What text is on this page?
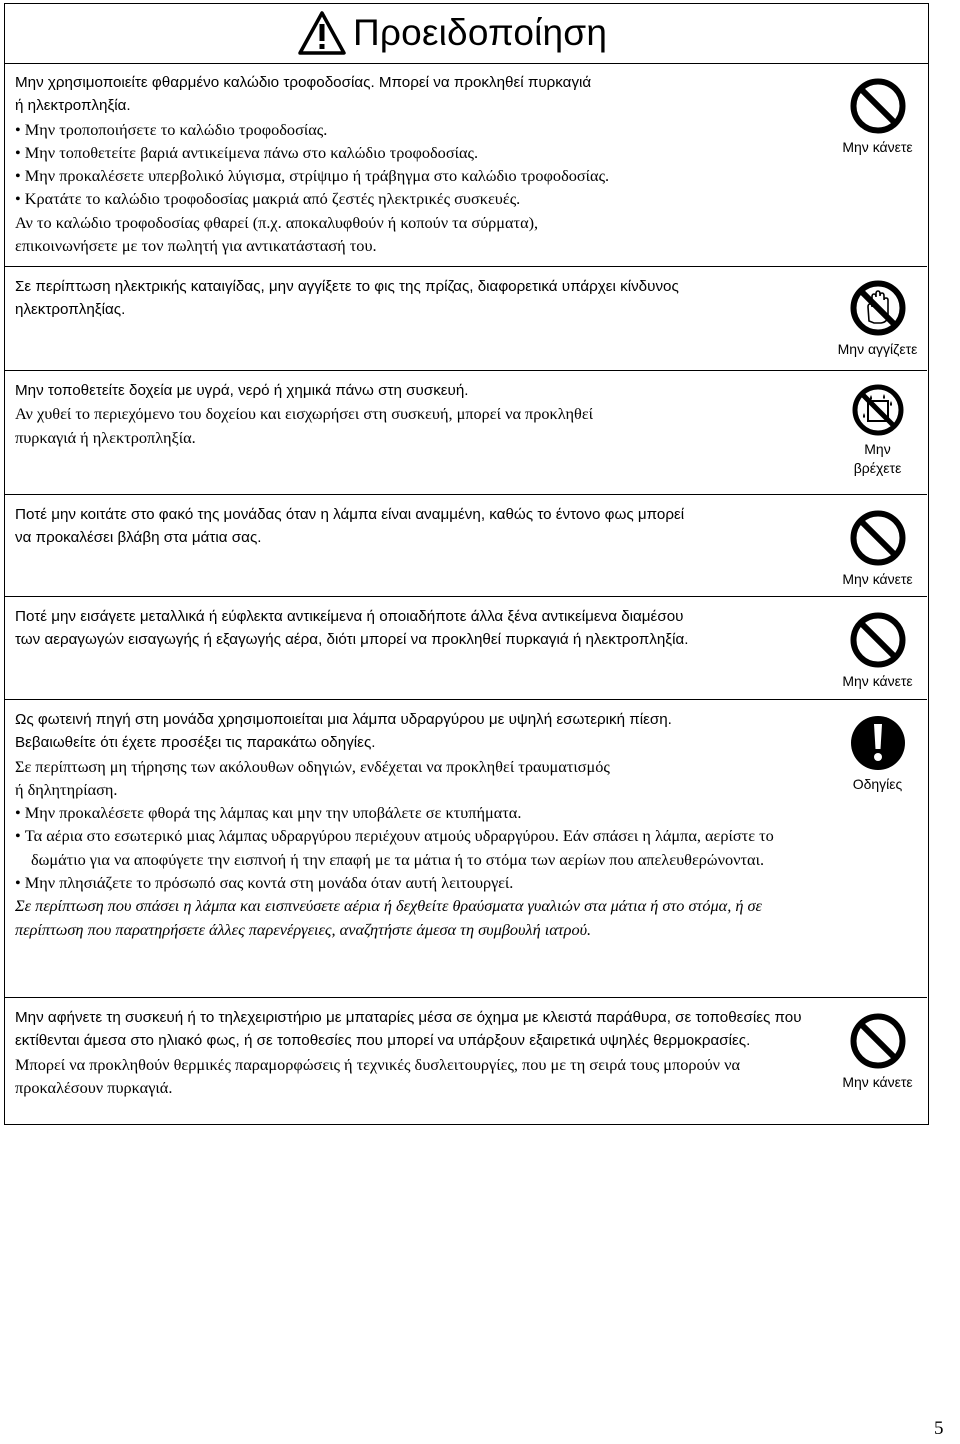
Προειδοποίηση

Μην χρησιμοποιείτε φθαρμένο καλώδιο τροφοδοσίας. Μπορεί να προκληθεί πυρκαγιά

ή ηλεκτροπληξία.

• Μην τροποποιήσετε το καλώδιο τροφοδοσίας.

• Μην τοποθετείτε βαριά αντικείμενα πάνω στο καλώδιο τροφοδοσίας.

• Μην προκαλέσετε υπερβολικό λύγισμα, στρίψιμο ή τράβηγμα στο καλώδιο τροφοδοσίας.

• Κρατάτε το καλώδιο τροφοδοσίας μακριά από ζεστές ηλεκτρικές συσκευές.

Αν το καλώδιο τροφοδοσίας φθαρεί (π.χ. αποκαλυφθούν ή κοπούν τα σύρματα),

επικοινωνήσετε με τον πωλητή για αντικατάστασή του.

Μην κάνετε

Σε περίπτωση ηλεκτρικής καταιγίδας, μην αγγίξετε το φις της πρίζας, διαφορετικά υπάρχει κίνδυνος

ηλεκτροπληξίας.

Μην αγγίζετε

Μην τοποθετείτε δοχεία με υγρά, νερό ή χημικά πάνω στη συσκευή.

Αν χυθεί το περιεχόμενο του δοχείου και εισχωρήσει στη συσκευή, μπορεί να προκληθεί

πυρκαγιά ή ηλεκτροπληξία.

Μην
βρέχετε

Ποτέ μην κοιτάτε στο φακό της μονάδας όταν η λάμπα είναι αναμμένη, καθώς το έντονο φως μπορεί

να προκαλέσει βλάβη στα μάτια σας.

Μην κάνετε

Ποτέ μην εισάγετε μεταλλικά ή εύφλεκτα αντικείμενα ή οποιαδήποτε άλλα ξένα αντικείμενα διαμέσου

των αεραγωγών εισαγωγής ή εξαγωγής αέρα, διότι μπορεί να προκληθεί πυρκαγιά ή ηλεκτροπληξία.

Μην κάνετε

Ως φωτεινή πηγή στη μονάδα χρησιμοποιείται μια λάμπα υδραργύρου με υψηλή εσωτερική πίεση.

Βεβαιωθείτε ότι έχετε προσέξει τις παρακάτω οδηγίες.

Σε περίπτωση μη τήρησης των ακόλουθων οδηγιών, ενδέχεται να προκληθεί τραυματισμός

ή δηλητηρίαση.

• Μην προκαλέσετε φθορά της λάμπας και μην την υποβάλετε σε κτυπήματα.

• Τα αέρια στο εσωτερικό μιας λάμπας υδραργύρου περιέχουν ατμούς υδραργύρου. Εάν σπάσει η λάμπα, αερίστε το δωμάτιο για να αποφύγετε την εισπνοή ή την επαφή με τα μάτια ή το στόμα των αερίων που απελευθερώνονται.

• Μην πλησιάζετε το πρόσωπό σας κοντά στη μονάδα όταν αυτή λειτουργεί.

Σε περίπτωση που σπάσει η λάμπα και εισπνεύσετε αέρια ή δεχθείτε θραύσματα γυαλιών στα μάτια ή στο στόμα, ή σε περίπτωση που παρατηρήσετε άλλες παρενέργειες, αναζητήστε άμεσα τη συμβουλή ιατρού.

Οδηγίες

Μην αφήνετε τη συσκευή ή το τηλεχειριστήριο με μπαταρίες μέσα σε όχημα με κλειστά παράθυρα, σε τοποθεσίες που εκτίθενται άμεσα στο ηλιακό φως, ή σε τοποθεσίες που μπορεί να υπάρξουν εξαιρετικά υψηλές θερμοκρασίες.

Μπορεί να προκληθούν θερμικές παραμορφώσεις ή τεχνικές δυσλειτουργίες, που με τη σειρά τους μπορούν να προκαλέσουν πυρκαγιά.	Μην κάνετε
5
